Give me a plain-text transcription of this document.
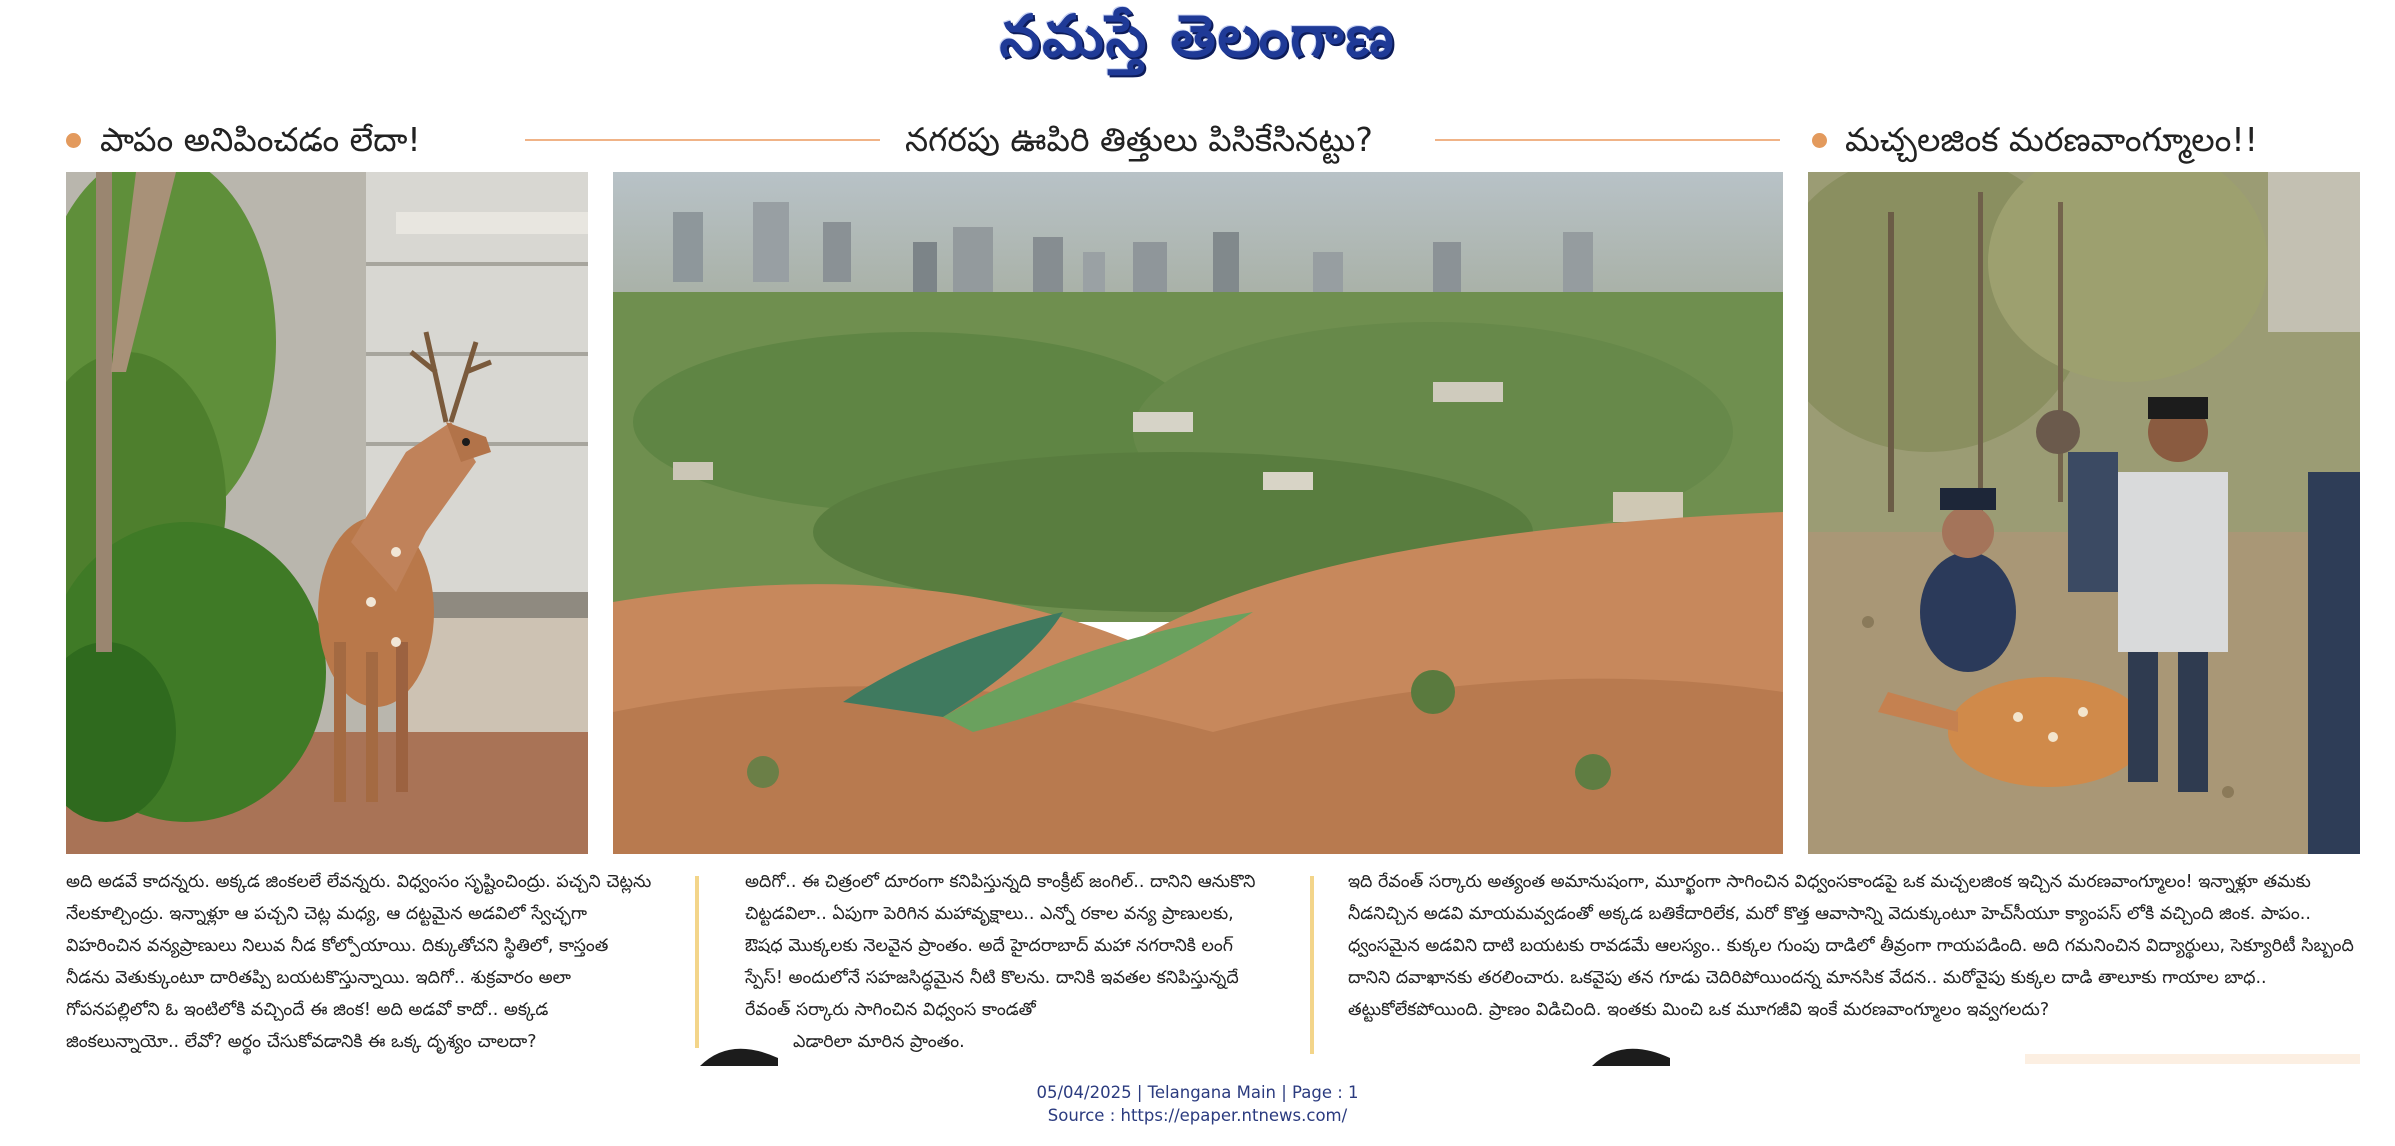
నమస్తే తెలంగాణ
పాపం అనిపించడం లేదా!	నగరపు ఊపిరి తిత్తులు పిసికేసినట్టు?	మచ్చలజింక మరణవాంగ్మూలం!!

అది అడవే కాదన్నరు. అక్కడ జింకలలే లేవన్నరు. విధ్వంసం సృష్టించింద్రు. పచ్చని చెట్లను నేలకూల్చింద్రు. ఇన్నాళ్లూ ఆ పచ్చని చెట్ల మధ్య, ఆ దట్టమైన అడవిలో స్వేచ్ఛగా విహరించిన వన్యప్రాణులు నిలువ నీడ కోల్పోయాయి. దిక్కుతోచని స్థితిలో, కాస్తంత నీడను వెతుక్కుంటూ దారితప్పి బయటకొస్తున్నాయి. ఇదిగో.. శుక్రవారం అలా గోపనపల్లిలోని ఓ ఇంటిలోకి వచ్చిందే ఈ జింక! అది అడవో కాదో.. అక్కడ జింకలున్నాయో.. లేవో? అర్థం చేసుకోవడానికి ఈ ఒక్క దృశ్యం చాలదా?

అదిగో.. ఈ చిత్రంలో దూరంగా కనిపిస్తున్నది కాంక్రీట్ జంగిల్.. దానిని ఆనుకొని చిట్టడవిలా.. ఏపుగా పెరిగిన మహావృక్షాలు.. ఎన్నో రకాల వన్య ప్రాణులకు, ఔషధ మొక్కలకు నెలవైన ప్రాంతం. అదే హైదరాబాద్ మహా నగరానికి లంగ్ స్పేస్! అందులోనే సహజసిద్ధమైన నీటి కొలను. దానికి ఇవతల కనిపిస్తున్నదే రేవంత్ సర్కారు సాగించిన విధ్వంస కాండతో

ఎడారిలా మారిన ప్రాంతం.

ఇది రేవంత్ సర్కారు అత్యంత అమానుషంగా, మూర్ఖంగా సాగించిన విధ్వంసకాండపై ఒక మచ్చలజింక ఇచ్చిన మరణవాంగ్మూలం! ఇన్నాళ్లూ తమకు నీడనిచ్చిన అడవి మాయమవ్వడంతో అక్కడ బతికేదారిలేక, మరో కొత్త ఆవాసాన్ని వెదుక్కుంటూ హెచ్‌సీయూ క్యాంపస్ లోకి వచ్చింది జింక. పాపం.. ధ్వంసమైన అడవిని దాటి బయటకు రావడమే ఆలస్యం.. కుక్కల గుంపు దాడిలో తీవ్రంగా గాయపడింది. అది గమనించిన విద్యార్థులు, సెక్యూరిటీ సిబ్బంది దానిని దవాఖానకు తరలించారు. ఒకవైపు తన గూడు చెదిరిపోయిందన్న మానసిక వేదన.. మరోవైపు కుక్కల దాడి తాలూకు గాయాల బాధ.. తట్టుకోలేకపోయింది. ప్రాణం విడిచింది. ఇంతకు మించి ఒక మూగజీవి ఇంకే మరణవాంగ్మూలం ఇవ్వగలదు?

05/04/2025 | Telangana Main | Page : 1
Source : https://epaper.ntnews.com/
